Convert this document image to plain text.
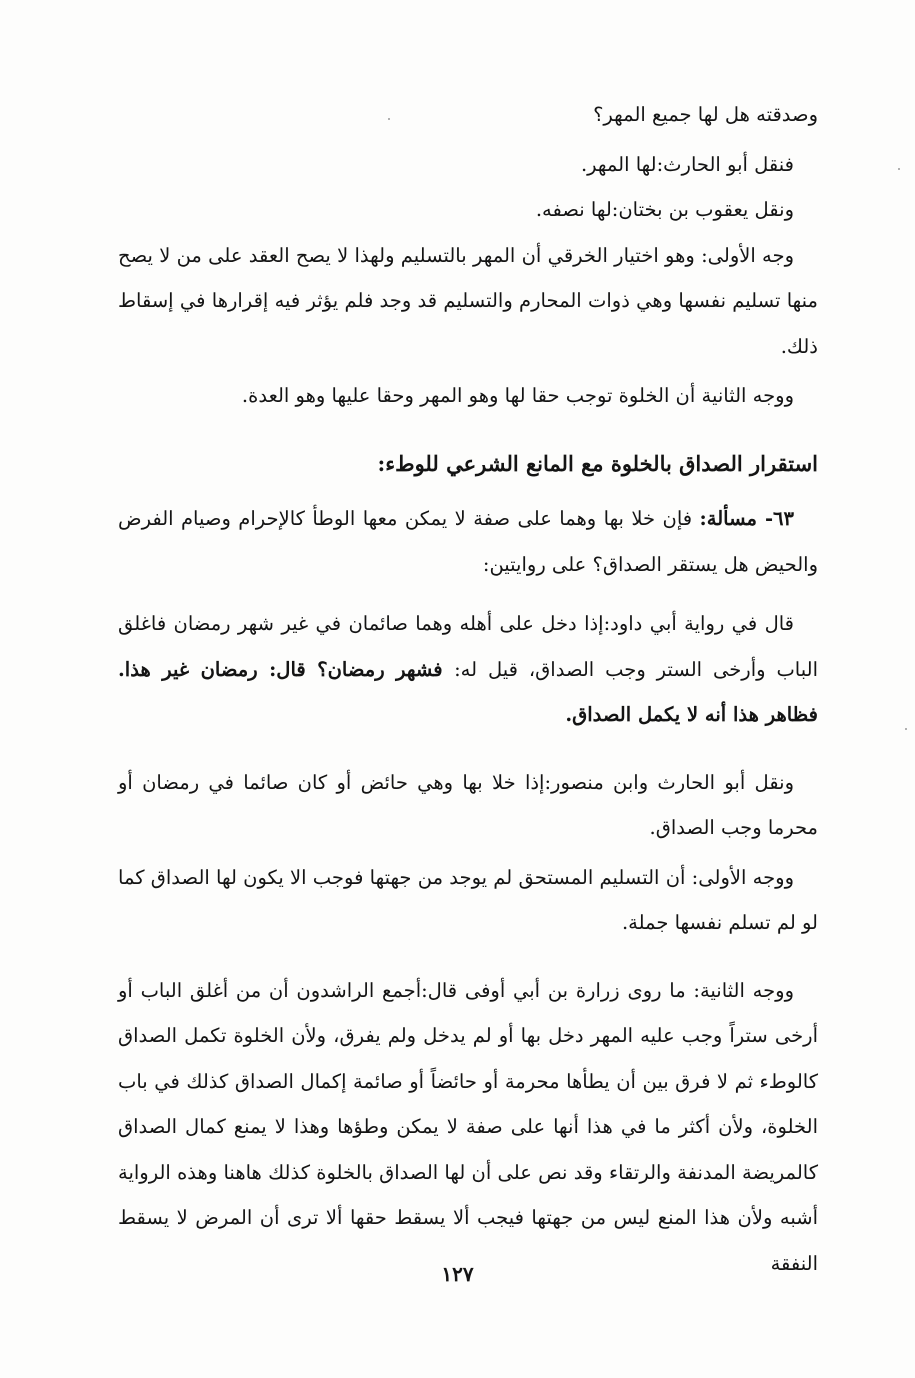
وصدقته هل لها جميع المهر؟

فنقل أبو الحارث:لها المهر.

ونقل يعقوب بن بختان:لها نصفه.

وجه الأولى: وهو اختيار الخرقي أن المهر بالتسليم ولهذا لا يصح العقد على من لا يصح منها تسليم نفسها وهي ذوات المحارم والتسليم قد وجد فلم يؤثر فيه إقرارها في إسقاط ذلك.

ووجه الثانية أن الخلوة توجب حقا لها وهو المهر وحقا عليها وهو العدة.

استقرار الصداق بالخلوة مع المانع الشرعي للوطء:

٦٣- مسألة: فإن خلا بها وهما على صفة لا يمكن معها الوطأ كالإحرام وصيام الفرض والحيض هل يستقر الصداق؟ على روايتين:

قال في رواية أبي داود:إذا دخل على أهله وهما صائمان في غير شهر رمضان فاغلق الباب وأرخى الستر وجب الصداق، قيل له: فشهر رمضان؟ قال: رمضان غير هذا. فظاهر هذا أنه لا يكمل الصداق.

ونقل أبو الحارث وابن منصور:إذا خلا بها وهي حائض أو كان صائما في رمضان أو محرما وجب الصداق.

ووجه الأولى: أن التسليم المستحق لم يوجد من جهتها فوجب الا يكون لها الصداق كما لو لم تسلم نفسها جملة.

ووجه الثانية: ما روى زرارة بن أبي أوفى قال:أجمع الراشدون أن من أغلق الباب أو أرخى ستراً وجب عليه المهر دخل بها أو لم يدخل ولم يفرق، ولأن الخلوة تكمل الصداق كالوطء ثم لا فرق بين أن يطأها محرمة أو حائضاً أو صائمة إكمال الصداق كذلك في باب الخلوة، ولأن أكثر ما في هذا أنها على صفة لا يمكن وطؤها وهذا لا يمنع كمال الصداق كالمريضة المدنفة والرتقاء وقد نص على أن لها الصداق بالخلوة كذلك هاهنا وهذه الرواية أشبه ولأن هذا المنع ليس من جهتها فيجب ألا يسقط حقها ألا ترى أن المرض لا يسقط النفقة

١٢٧
